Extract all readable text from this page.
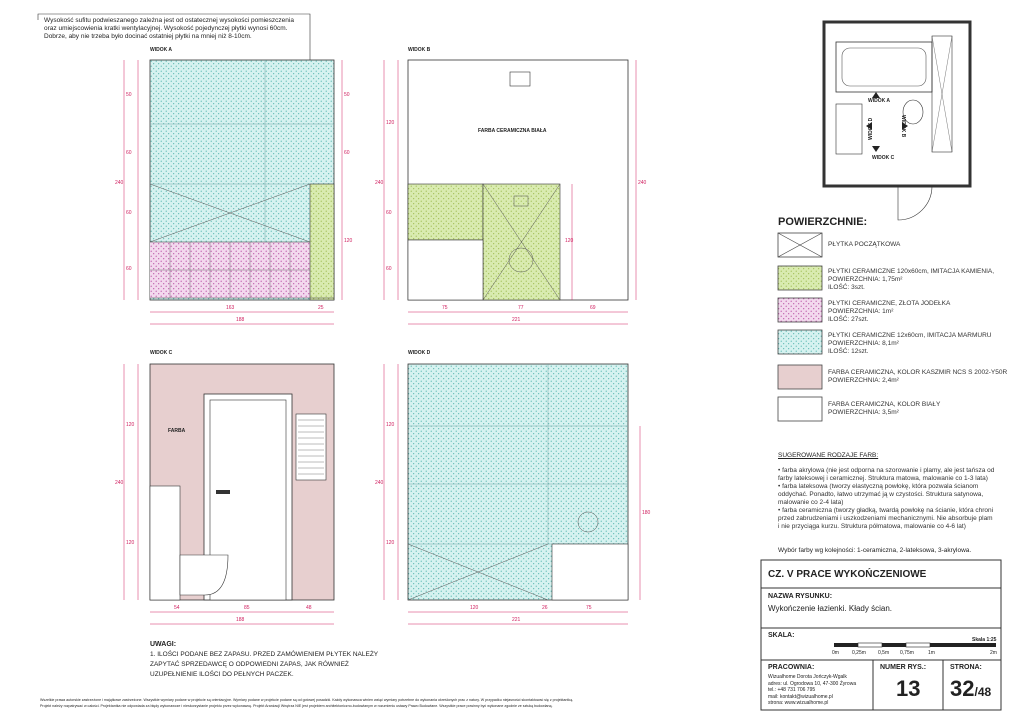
Wysokość sufitu podwieszanego zależna jest od ostatecznej wysokości pomieszczenia
oraz umiejscowienia kratki wentylacyjnej. Wysokość pojedynczej płytki wynosi 60cm.
Dobrze, aby nie trzeba było docinać ostatniej płytki na mniej niż 8-10cm.
WIDOK A	WIDOK B
WIDOK C	WIDOK D
FARBA CERAMICZNA BIAŁA
FARBA
50
60
60
60
240
50
60
120
163	25
188
120
60
60
240
120
240
75	77	69
221
120
120
240
54	85	48
188
120
120
240
180
120	26	75
221
WIDOK A
WIDOK B
WIDOK C
WIDOK D
POWIERZCHNIE:
PŁYTKA POCZĄTKOWA
PŁYTKI CERAMICZNE 120x60cm, IMITACJA KAMIENIA,
POWIERZCHNIA: 1,75m²
ILOŚĆ: 3szt.
PŁYTKI CERAMICZNE, ZŁOTA JODEŁKA
POWIERZCHNIA: 1m²
ILOŚĆ: 27szt.
PŁYTKI CERAMICZNE 12x60cm, IMITACJA MARMURU
POWIERZCHNIA: 8,1m²
ILOŚĆ: 12szt.
FARBA CERAMICZNA, KOLOR KASZMIR NCS S 2002-Y50R
POWIERZCHNIA: 2,4m²
FARBA CERAMICZNA, KOLOR BIAŁY
POWIERZCHNIA: 3,5m²
SUGEROWANE RODZAJE FARB:
• farba akrylowa (nie jest odporna na szorowanie i plamy, ale jest tańsza od
farby lateksowej i ceramicznej. Struktura matowa, malowanie co 1-3 lata)
• farba lateksowa (tworzy elastyczną powłokę, która pozwala ścianom
oddychać. Ponadto, łatwo utrzymać ją w czystości. Struktura satynowa,
malowanie co 2-4 lata)
• farba ceramiczna (tworzy gładką, twardą powłokę na ścianie, która chroni
przed zabrudzeniami i uszkodzeniami mechanicznymi. Nie absorbuje plam
i nie przyciąga kurzu. Struktura półmatowa, malowanie co 4-6 lat)
Wybór farby wg kolejności: 1-ceramiczna, 2-lateksowa, 3-akrylowa.
CZ. V PRACE WYKOŃCZENIOWE
NAZWA RYSUNKU:
Wykończenie łazienki. Kłady ścian.
SKALA:
Skala 1:25
0m	0,25m 0,5m 0,75m	1m	2m
PRACOWNIA:
Wizualhome Dorota Jończyk-Wgalk
adres: ul. Ogrodowa 10, 47-300 Żyrowa
tel.: +48 731 706 795
mail: kontakt@wizualhome.pl
strona: www.wizualhome.pl
NUMER RYS.:
13
STRONA:
32/48
UWAGI:
1. ILOŚCI PODANE BEZ ZAPASU. PRZED ZAMÓWIENIEM PŁYTEK NALEŻY
ZAPYTAĆ SPRZEDAWCĘ O ODPOWIEDNI ZAPAS, JAK RÓWNIEŻ
UZUPEŁNIENIE ILOŚCI DO PEŁNYCH PACZEK.
Wszelkie prawa autorskie zastrzeżone i majątkowe zastrzeżone. Wszystkie wymiary podane w projekcie są orientacyjne. Wymiary podane w projekcie podane są od gotowej posadzki. Każdy wykonawca winien wziąć wymiary potrzebne do wykonania określonych prac z natury. W przypadku niejasności skontaktować się z projektantką.
Projekt należy rozpatrywać w całości. Projektantka nie odpowiada za błędy wykonawcze i nieskorzystanie projektu przez wykonawcę. Projekt Aranżacji Wnętrza NIE jest projektem architektoniczno-budowlanym w rozumieniu ustawy Prawo Budowlane. Wszystkie prace powinny być wykonane zgodnie ze sztuką budowlaną.
